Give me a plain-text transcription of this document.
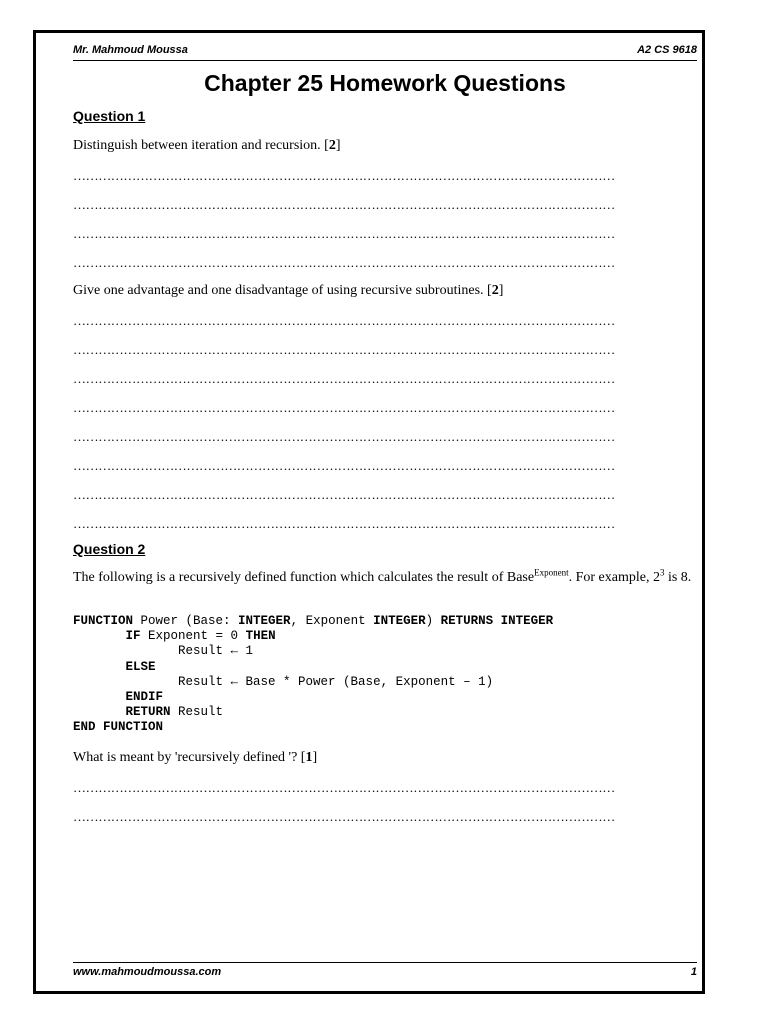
Mr. Mahmoud Moussa	A2 CS 9618
Chapter 25 Homework Questions
Question 1
Distinguish between iteration and recursion. [2]
…………………………………………………………………………………………………………………
…………………………………………………………………………………………………………………
…………………………………………………………………………………………………………………
…………………………………………………………………………………………………………………
Give one advantage and one disadvantage of using recursive subroutines. [2]
…………………………………………………………………………………………………………………
…………………………………………………………………………………………………………………
…………………………………………………………………………………………………………………
…………………………………………………………………………………………………………………
…………………………………………………………………………………………………………………
…………………………………………………………………………………………………………………
…………………………………………………………………………………………………………………
…………………………………………………………………………………………………………………
Question 2
The following is a recursively defined function which calculates the result of Base$^{Exponent}$. For example, $2^3$ is 8.
FUNCTION Power (Base: INTEGER, Exponent INTEGER) RETURNS INTEGER
IF Exponent = 0 THEN
Result ← 1
ELSE
Result ← Base * Power (Base, Exponent – 1)
ENDIF
RETURN Result
END FUNCTION
What is meant by 'recursively defined '? [1]
…………………………………………………………………………………………………………………
…………………………………………………………………………………………………………………
www.mahmoudmoussa.com	1
